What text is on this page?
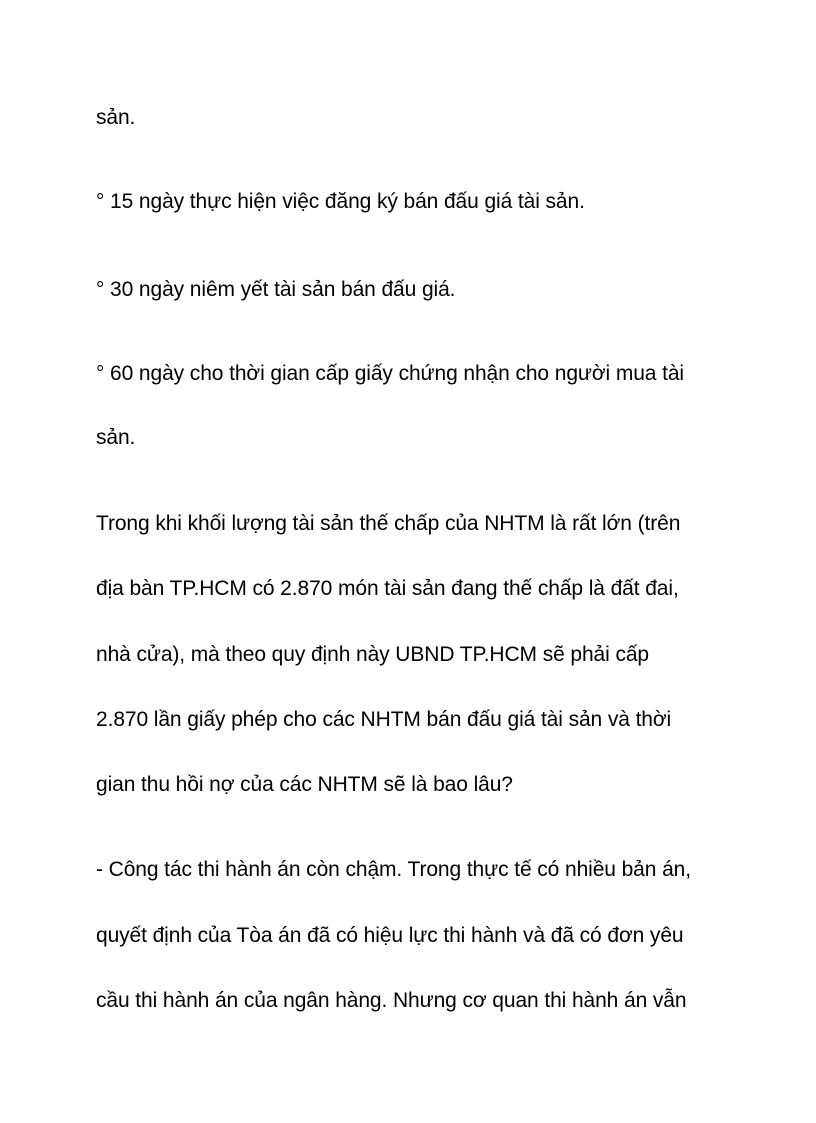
sản.

° 15 ngày thực hiện việc đăng ký bán đấu giá tài sản.

° 30 ngày niêm yết tài sản bán đấu giá.

° 60 ngày cho thời gian cấp giấy chứng nhận cho người mua tài

sản.

Trong khi khối lượng tài sản thế chấp của NHTM là rất lớn (trên

địa bàn TP.HCM có 2.870 món tài sản đang thế chấp là đất đai,

nhà cửa), mà theo quy định này UBND TP.HCM sẽ phải cấp

2.870 lần giấy phép cho các NHTM bán đấu giá tài sản và thời

gian thu hồi nợ của các NHTM sẽ là bao lâu?

- Công tác thi hành án còn chậm. Trong thực tế có nhiều bản án,

quyết định của Tòa án đã có hiệu lực thi hành và đã có đơn yêu

cầu thi hành án của ngân hàng. Nhưng cơ quan thi hành án vẫn
